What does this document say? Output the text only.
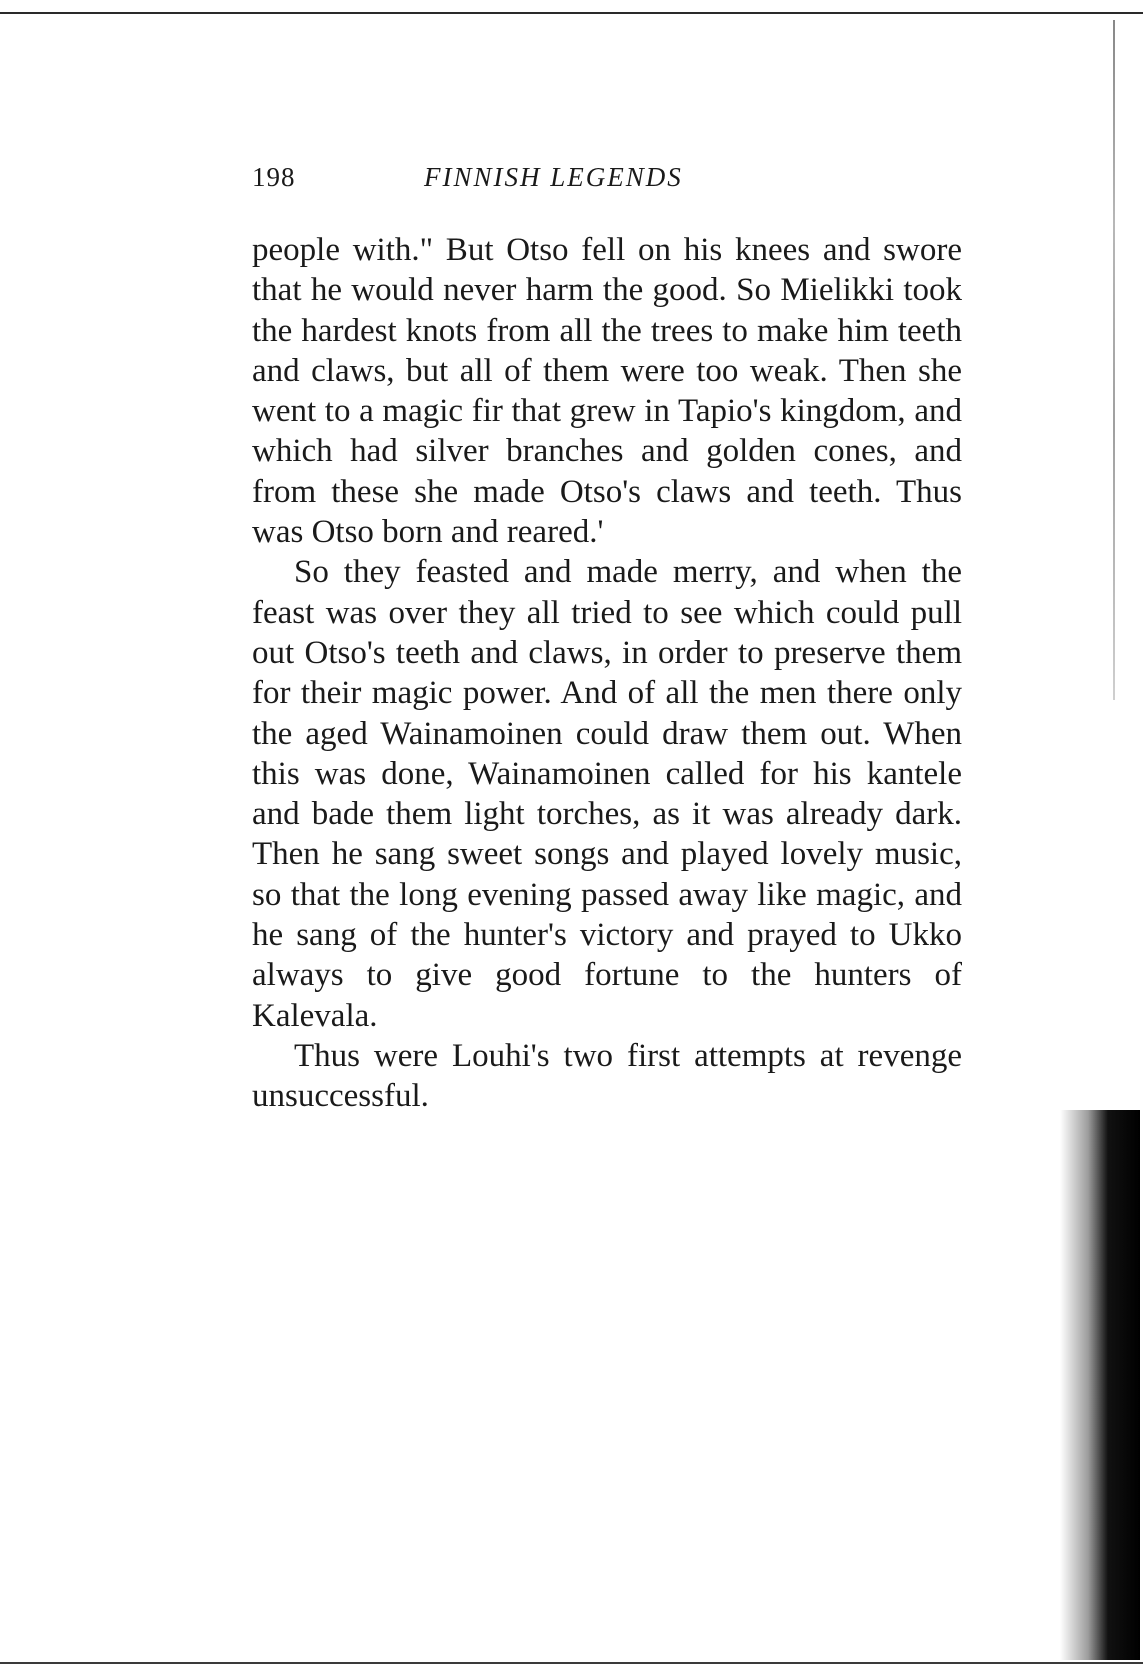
198	FINNISH LEGENDS

people with." But Otso fell on his knees and swore that he would never harm the good. So Mielikki took the hardest knots from all the trees to make him teeth and claws, but all of them were too weak. Then she went to a magic fir that grew in Tapio's kingdom, and which had silver branches and golden cones, and from these she made Otso's claws and teeth. Thus was Otso born and reared.'

So they feasted and made merry, and when the feast was over they all tried to see which could pull out Otso's teeth and claws, in order to preserve them for their magic power. And of all the men there only the aged Wainamoinen could draw them out. When this was done, Wainamoinen called for his kantele and bade them light torches, as it was already dark. Then he sang sweet songs and played lovely music, so that the long evening passed away like magic, and he sang of the hunter's victory and prayed to Ukko always to give good fortune to the hunters of Kalevala.

Thus were Louhi's two first attempts at revenge unsuccessful.
